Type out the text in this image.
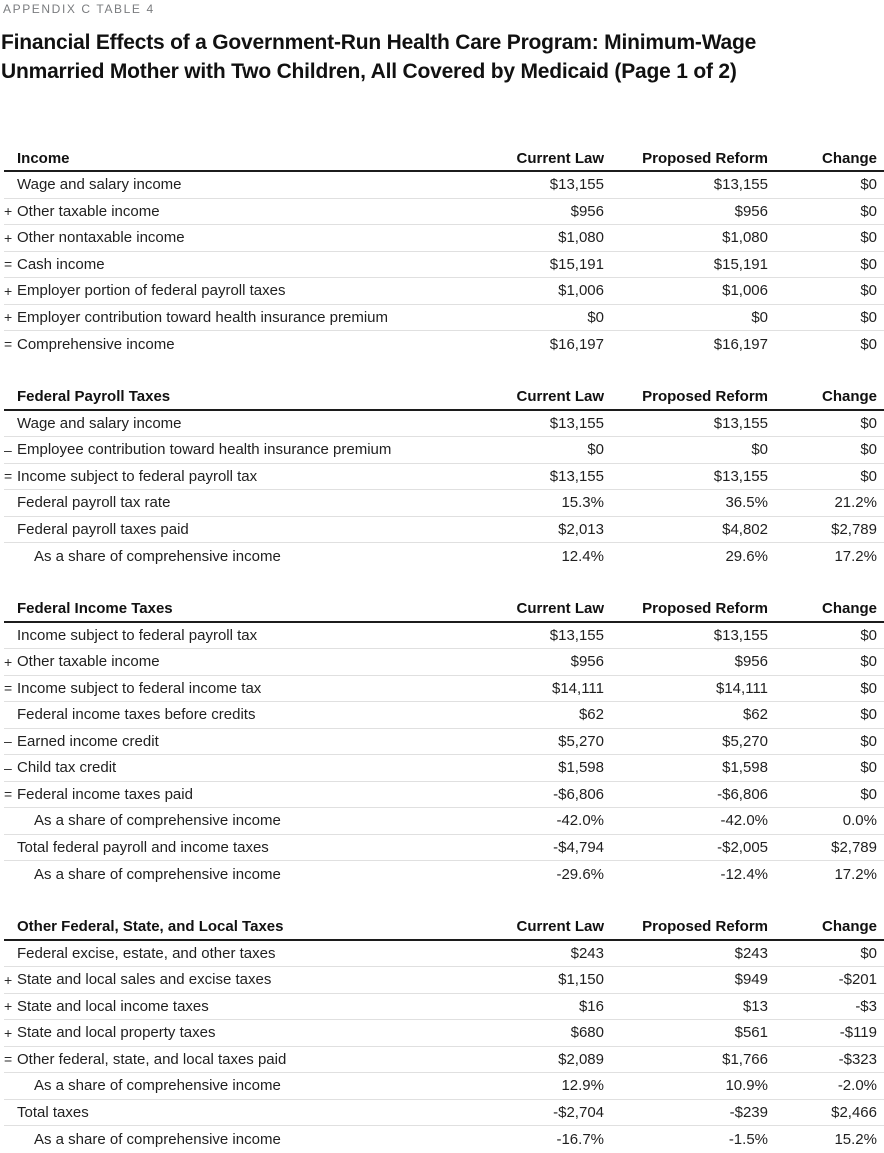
APPENDIX C TABLE 4
Financial Effects of a Government-Run Health Care Program: Minimum-Wage
Unmarried Mother with Two Children, All Covered by Medicaid (Page 1 of 2)
Income	Current Law	Proposed Reform	Change
Wage and salary income	$13,155	$13,155	$0
+ Other taxable income	$956	$956	$0
+ Other nontaxable income	$1,080	$1,080	$0
= Cash income	$15,191	$15,191	$0
+ Employer portion of federal payroll taxes	$1,006	$1,006	$0
+ Employer contribution toward health insurance premium	$0	$0	$0
= Comprehensive income	$16,197	$16,197	$0
Federal Payroll Taxes	Current Law	Proposed Reform	Change
Wage and salary income	$13,155	$13,155	$0
– Employee contribution toward health insurance premium	$0	$0	$0
= Income subject to federal payroll tax	$13,155	$13,155	$0
Federal payroll tax rate	15.3%	36.5%	21.2%
Federal payroll taxes paid	$2,013	$4,802	$2,789
As a share of comprehensive income	12.4%	29.6%	17.2%
Federal Income Taxes	Current Law	Proposed Reform	Change
Income subject to federal payroll tax	$13,155	$13,155	$0
+ Other taxable income	$956	$956	$0
= Income subject to federal income tax	$14,111	$14,111	$0
Federal income taxes before credits	$62	$62	$0
– Earned income credit	$5,270	$5,270	$0
– Child tax credit	$1,598	$1,598	$0
= Federal income taxes paid	-$6,806	-$6,806	$0
As a share of comprehensive income	-42.0%	-42.0%	0.0%
Total federal payroll and income taxes	-$4,794	-$2,005	$2,789
As a share of comprehensive income	-29.6%	-12.4%	17.2%
Other Federal, State, and Local Taxes	Current Law	Proposed Reform	Change
Federal excise, estate, and other taxes	$243	$243	$0
+ State and local sales and excise taxes	$1,150	$949	-$201
+ State and local income taxes	$16	$13	-$3
+ State and local property taxes	$680	$561	-$119
= Other federal, state, and local taxes paid	$2,089	$1,766	-$323
As a share of comprehensive income	12.9%	10.9%	-2.0%
Total taxes	-$2,704	-$239	$2,466
As a share of comprehensive income	-16.7%	-1.5%	15.2%
